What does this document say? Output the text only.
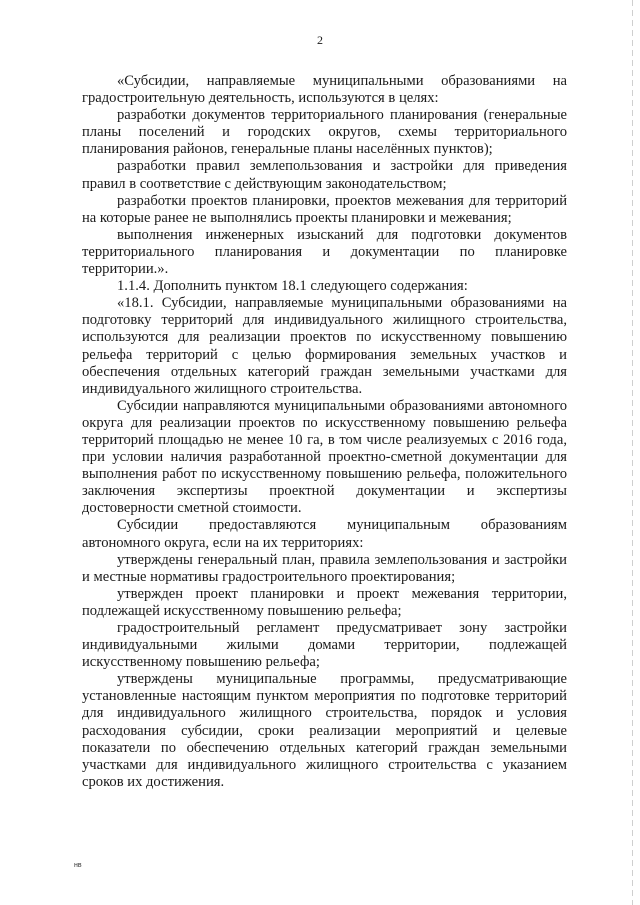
2

«Субсидии, направляемые муниципальными образованиями на градостроительную деятельность, используются в целях:

разработки документов территориального планирования (генеральные планы поселений и городских округов, схемы территориального планирования районов, генеральные планы населённых пунктов);

разработки правил землепользования и застройки для приведения правил в соответствие с действующим законодательством;

разработки проектов планировки, проектов межевания для территорий на которые ранее не выполнялись проекты планировки и межевания;

выполнения инженерных изысканий для подготовки документов территориального планирования и документации по планировке территории.».

1.1.4. Дополнить пунктом 18.1 следующего содержания:

«18.1. Субсидии, направляемые муниципальными образованиями на подготовку территорий для индивидуального жилищного строительства, используются для реализации проектов по искусственному повышению рельефа территорий с целью формирования земельных участков и обеспечения отдельных категорий граждан земельными участками для индивидуального жилищного строительства.

Субсидии направляются муниципальными образованиями автономного округа для реализации проектов по искусственному повышению рельефа территорий площадью не менее 10 га, в том числе реализуемых с 2016 года, при условии наличия разработанной проектно-сметной документации для выполнения работ по искусственному повышению рельефа, положительного заключения экспертизы проектной документации и экспертизы достоверности сметной стоимости.

Субсидии предоставляются муниципальным образованиям автономного округа, если на их территориях:

утверждены генеральный план, правила землепользования и застройки и местные нормативы градостроительного проектирования;

утвержден проект планировки и проект межевания территории, подлежащей искусственному повышению рельефа;

градостроительный регламент предусматривает зону застройки индивидуальными жилыми домами территории, подлежащей искусственному повышению рельефа;

утверждены муниципальные программы, предусматривающие установленные настоящим пунктом мероприятия по подготовке территорий для индивидуального жилищного строительства, порядок и условия расходования субсидии, сроки реализации мероприятий и целевые показатели по обеспечению отдельных категорий граждан земельными участками для индивидуального жилищного строительства с указанием сроков их достижения.

нв
